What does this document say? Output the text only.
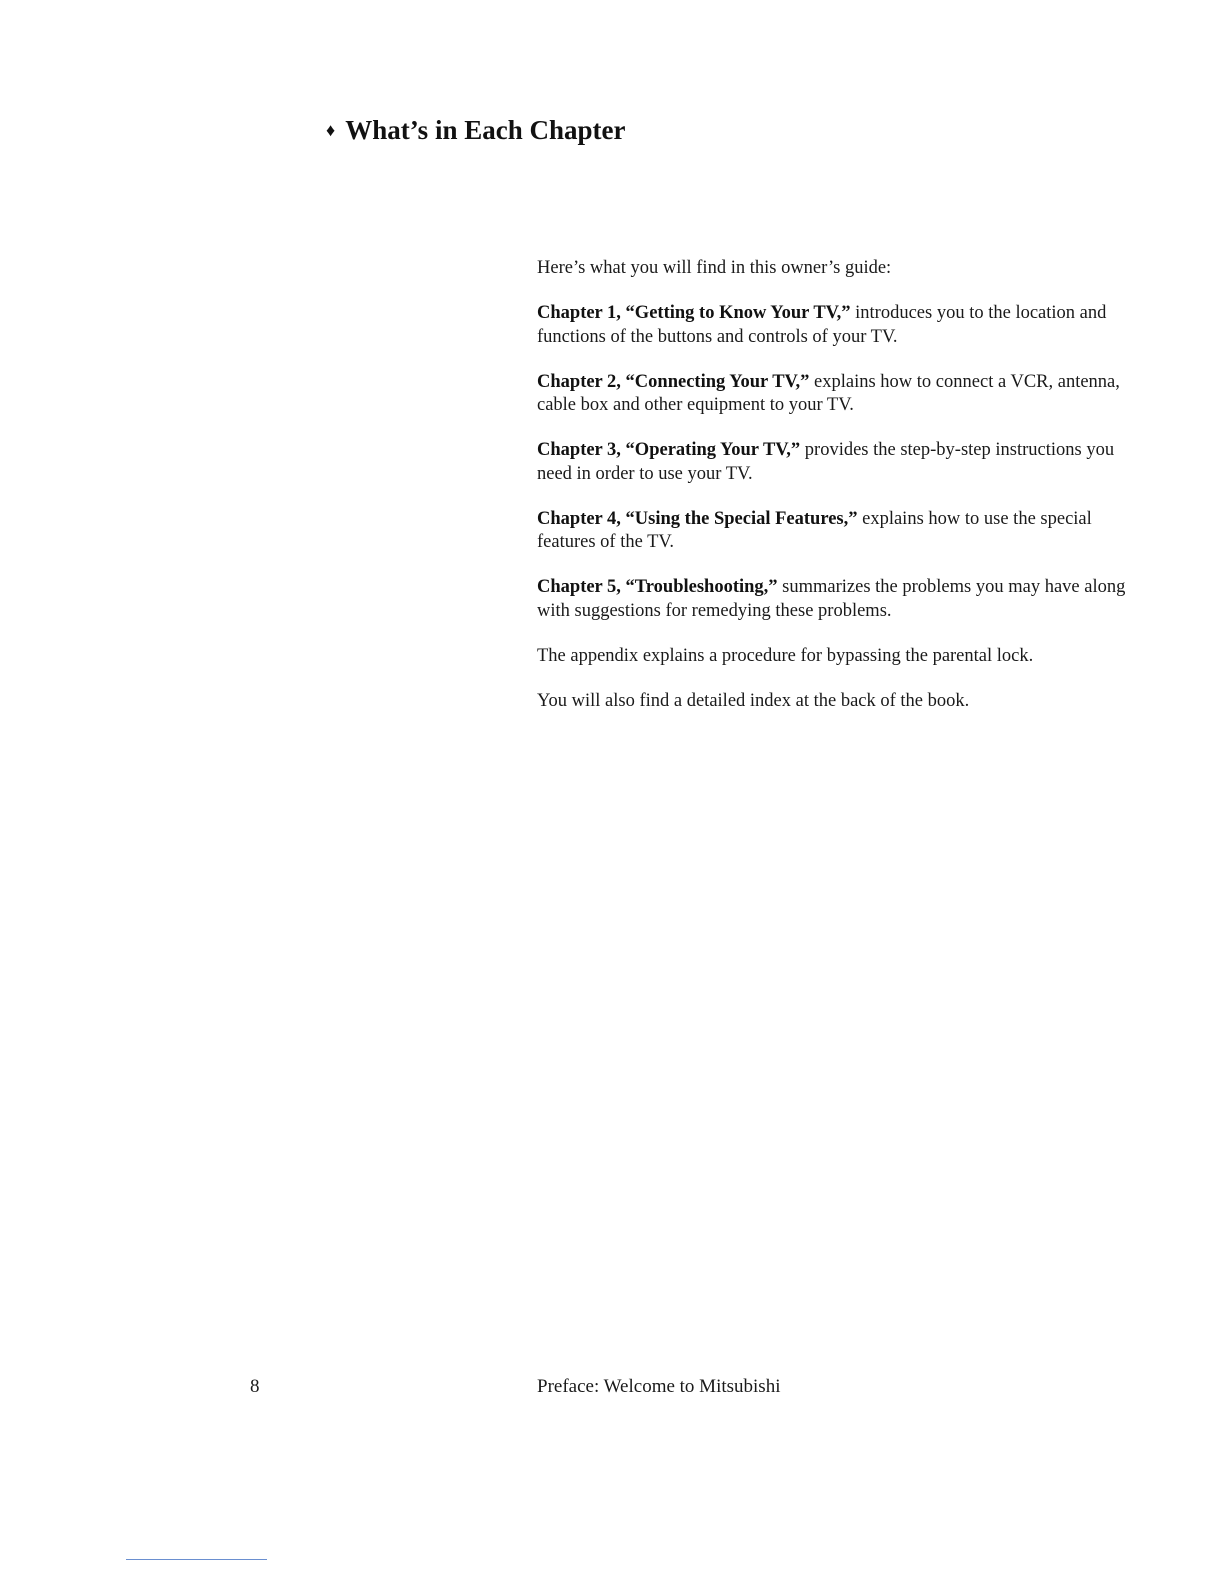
♦ What’s in Each Chapter

Here’s what you will find in this owner’s guide:

Chapter 1, “Getting to Know Your TV,” introduces you to the location and functions of the buttons and controls of your TV.

Chapter 2, “Connecting Your TV,” explains how to connect a VCR, antenna, cable box and other equipment to your TV.

Chapter 3, “Operating Your TV,” provides the step-by-step instructions you need in order to use your TV.

Chapter 4, “Using the Special Features,” explains how to use the special features of the TV.

Chapter 5, “Troubleshooting,” summarizes the problems you may have along with suggestions for remedying these problems.

The appendix explains a procedure for bypassing the parental lock.

You will also find a detailed index at the back of the book.

8	Preface: Welcome to Mitsubishi
